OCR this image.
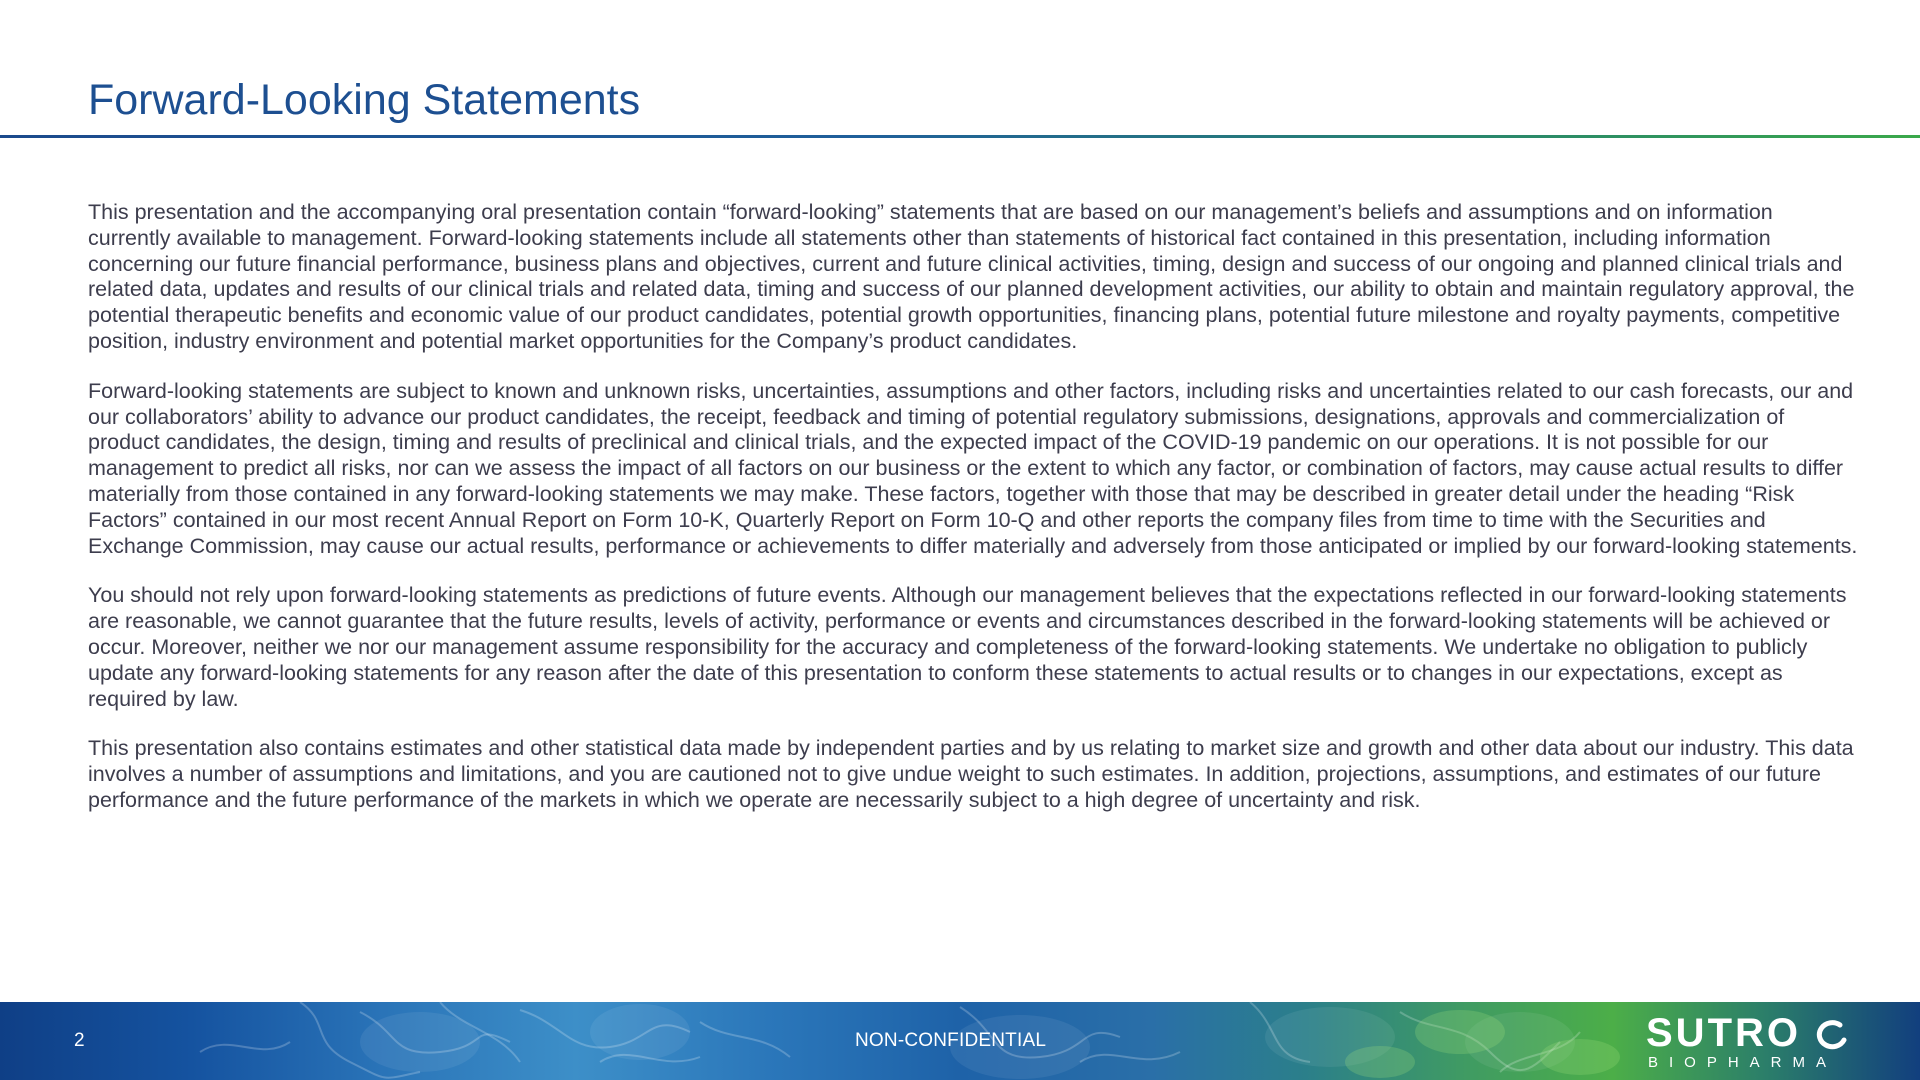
Forward-Looking Statements

This presentation and the accompanying oral presentation contain “forward-looking” statements that are based on our management’s beliefs and assumptions and on information currently available to management. Forward-looking statements include all statements other than statements of historical fact contained in this presentation, including information concerning our future financial performance, business plans and objectives, current and future clinical activities, timing, design and success of our ongoing and planned clinical trials and related data, updates and results of our clinical trials and related data, timing and success of our planned development activities, our ability to obtain and maintain regulatory approval, the potential therapeutic benefits and economic value of our product candidates, potential growth opportunities, financing plans, potential future milestone and royalty payments, competitive position, industry environment and potential market opportunities for the Company’s product candidates.

Forward-looking statements are subject to known and unknown risks, uncertainties, assumptions and other factors, including risks and uncertainties related to our cash forecasts, our and our collaborators’ ability to advance our product candidates, the receipt, feedback and timing of potential regulatory submissions, designations, approvals and commercialization of product candidates, the design, timing and results of preclinical and clinical trials, and the expected impact of the COVID-19 pandemic on our operations. It is not possible for our management to predict all risks, nor can we assess the impact of all factors on our business or the extent to which any factor, or combination of factors, may cause actual results to differ materially from those contained in any forward-looking statements we may make. These factors, together with those that may be described in greater detail under the heading “Risk Factors” contained in our most recent Annual Report on Form 10-K, Quarterly Report on Form 10-Q and other reports the company files from time to time with the Securities and Exchange Commission, may cause our actual results, performance or achievements to differ materially and adversely from those anticipated or implied by our forward-looking statements.

You should not rely upon forward-looking statements as predictions of future events. Although our management believes that the expectations reflected in our forward-looking statements are reasonable, we cannot guarantee that the future results, levels of activity, performance or events and circumstances described in the forward-looking statements will be achieved or occur. Moreover, neither we nor our management assume responsibility for the accuracy and completeness of the forward-looking statements. We undertake no obligation to publicly update any forward-looking statements for any reason after the date of this presentation to conform these statements to actual results or to changes in our expectations, except as required by law.

This presentation also contains estimates and other statistical data made by independent parties and by us relating to market size and growth and other data about our industry. This data involves a number of assumptions and limitations, and you are cautioned not to give undue weight to such estimates. In addition, projections, assumptions, and estimates of our future performance and the future performance of the markets in which we operate are necessarily subject to a high degree of uncertainty and risk.

2	NON-CONFIDENTIAL	SUTRO
BIOPHARMA
